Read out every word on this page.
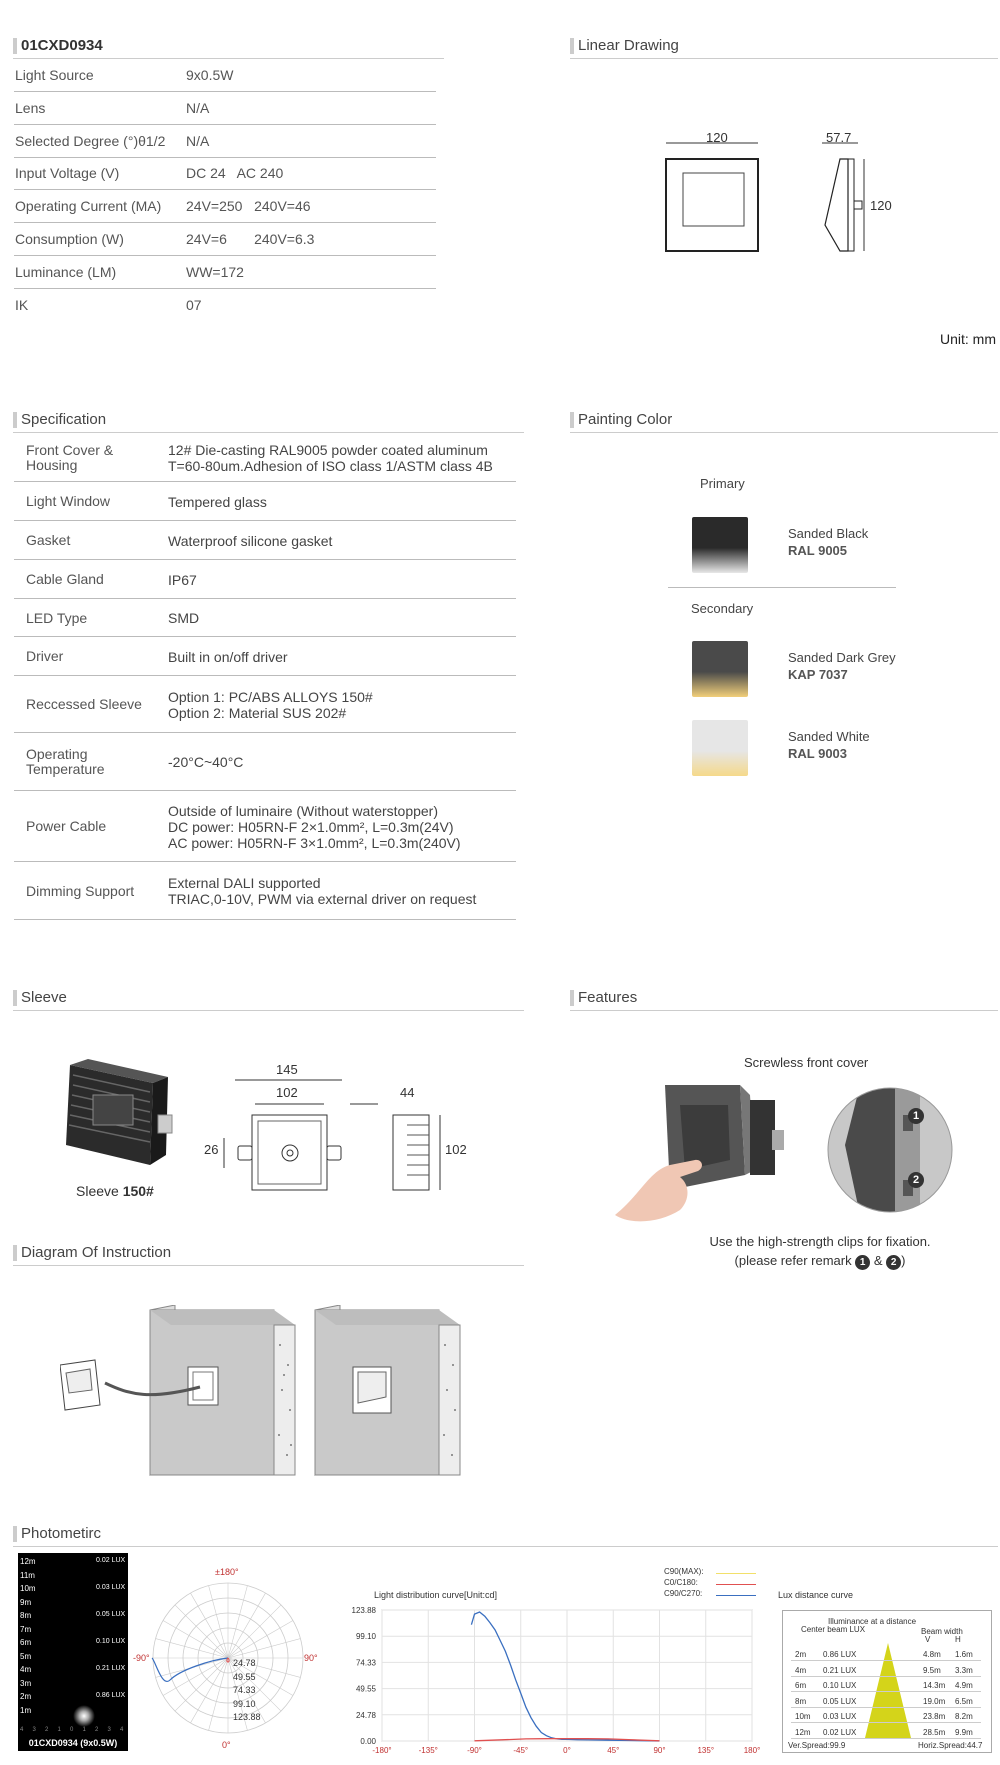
01CXD0934
Light Source	9x0.5W
Lens	N/A
Selected Degree (°)θ1/2 N/A
Input Voltage (V)	DC 24   AC 240
Operating Current (MA) 24V=250   240V=46
Consumption (W)	24V=6       240V=6.3
Luminance (LM)	WW=172
IK	07
Linear Drawing
120	57.7
120
Unit: mm
Specification
Front Cover &
Housing
12# Die-casting RAL9005 powder coated aluminum
T=60-80um.Adhesion of ISO class 1/ASTM class 4B
Light Window	Tempered glass
Gasket	Waterproof silicone gasket
Cable Gland	IP67
LED Type	SMD
Driver	Built in on/off driver
Reccessed Sleeve Option 1: PC/ABS ALLOYS 150#
Option 2: Material SUS 202#
Operating
Temperature	-20°C~40°C
Power Cable
Outside of luminaire (Without waterstopper)
DC power: H05RN-F 2×1.0mm², L=0.3m(24V)
AC power: H05RN-F 3×1.0mm², L=0.3m(240V)
Dimming Support External DALI supported
TRIAC,0-10V, PWM via external driver on request
Painting Color
Primary
Secondary
Sanded Black
RAL 9005
Sanded Dark Grey
KAP 7037
Sanded White
RAL 9003
Sleeve
Sleeve 150#
145
102	44
26	102
Features
Screwless front cover
1
2
Use the high-strength clips for fixation.
(please refer remark 1 & 2 )
Diagram Of Instruction
Photometirc
12m	0.02 LUX
11m
10m	0.03 LUX
9m
8m	0.05 LUX
7m
6m	0.10 LUX
5m
4m	0.21 LUX
3m
2m	0.86 LUX
1m
4 3 2 1 0 1 2 3 4
01CXD0934 (9x0.5W)
±180°
-90°	90°
0°
24.78
49.55
74.33
99.10
123.88
C90(MAX):
C0/C180:
C90/C270:
Light distribution curve[Unit:cd]
-180°	-135°	-90°	-45°	0°	45°	90°	135°	180°
123.88
99.10
74.33
49.55
24.78
0.00
Lux distance curve
Illuminance at a distance
Center beam LUX	Beam width
V	H
2m 0.86 LUX	4.8m 1.6m
4m 0.21 LUX	9.5m 3.3m
6m 0.10 LUX	14.3m 4.9m
8m 0.05 LUX	19.0m 6.5m
10m 0.03 LUX	23.8m 8.2m
12m 0.02 LUX	28.5m 9.9m
Ver.Spread:99.9	Horiz.Spread:44.7
